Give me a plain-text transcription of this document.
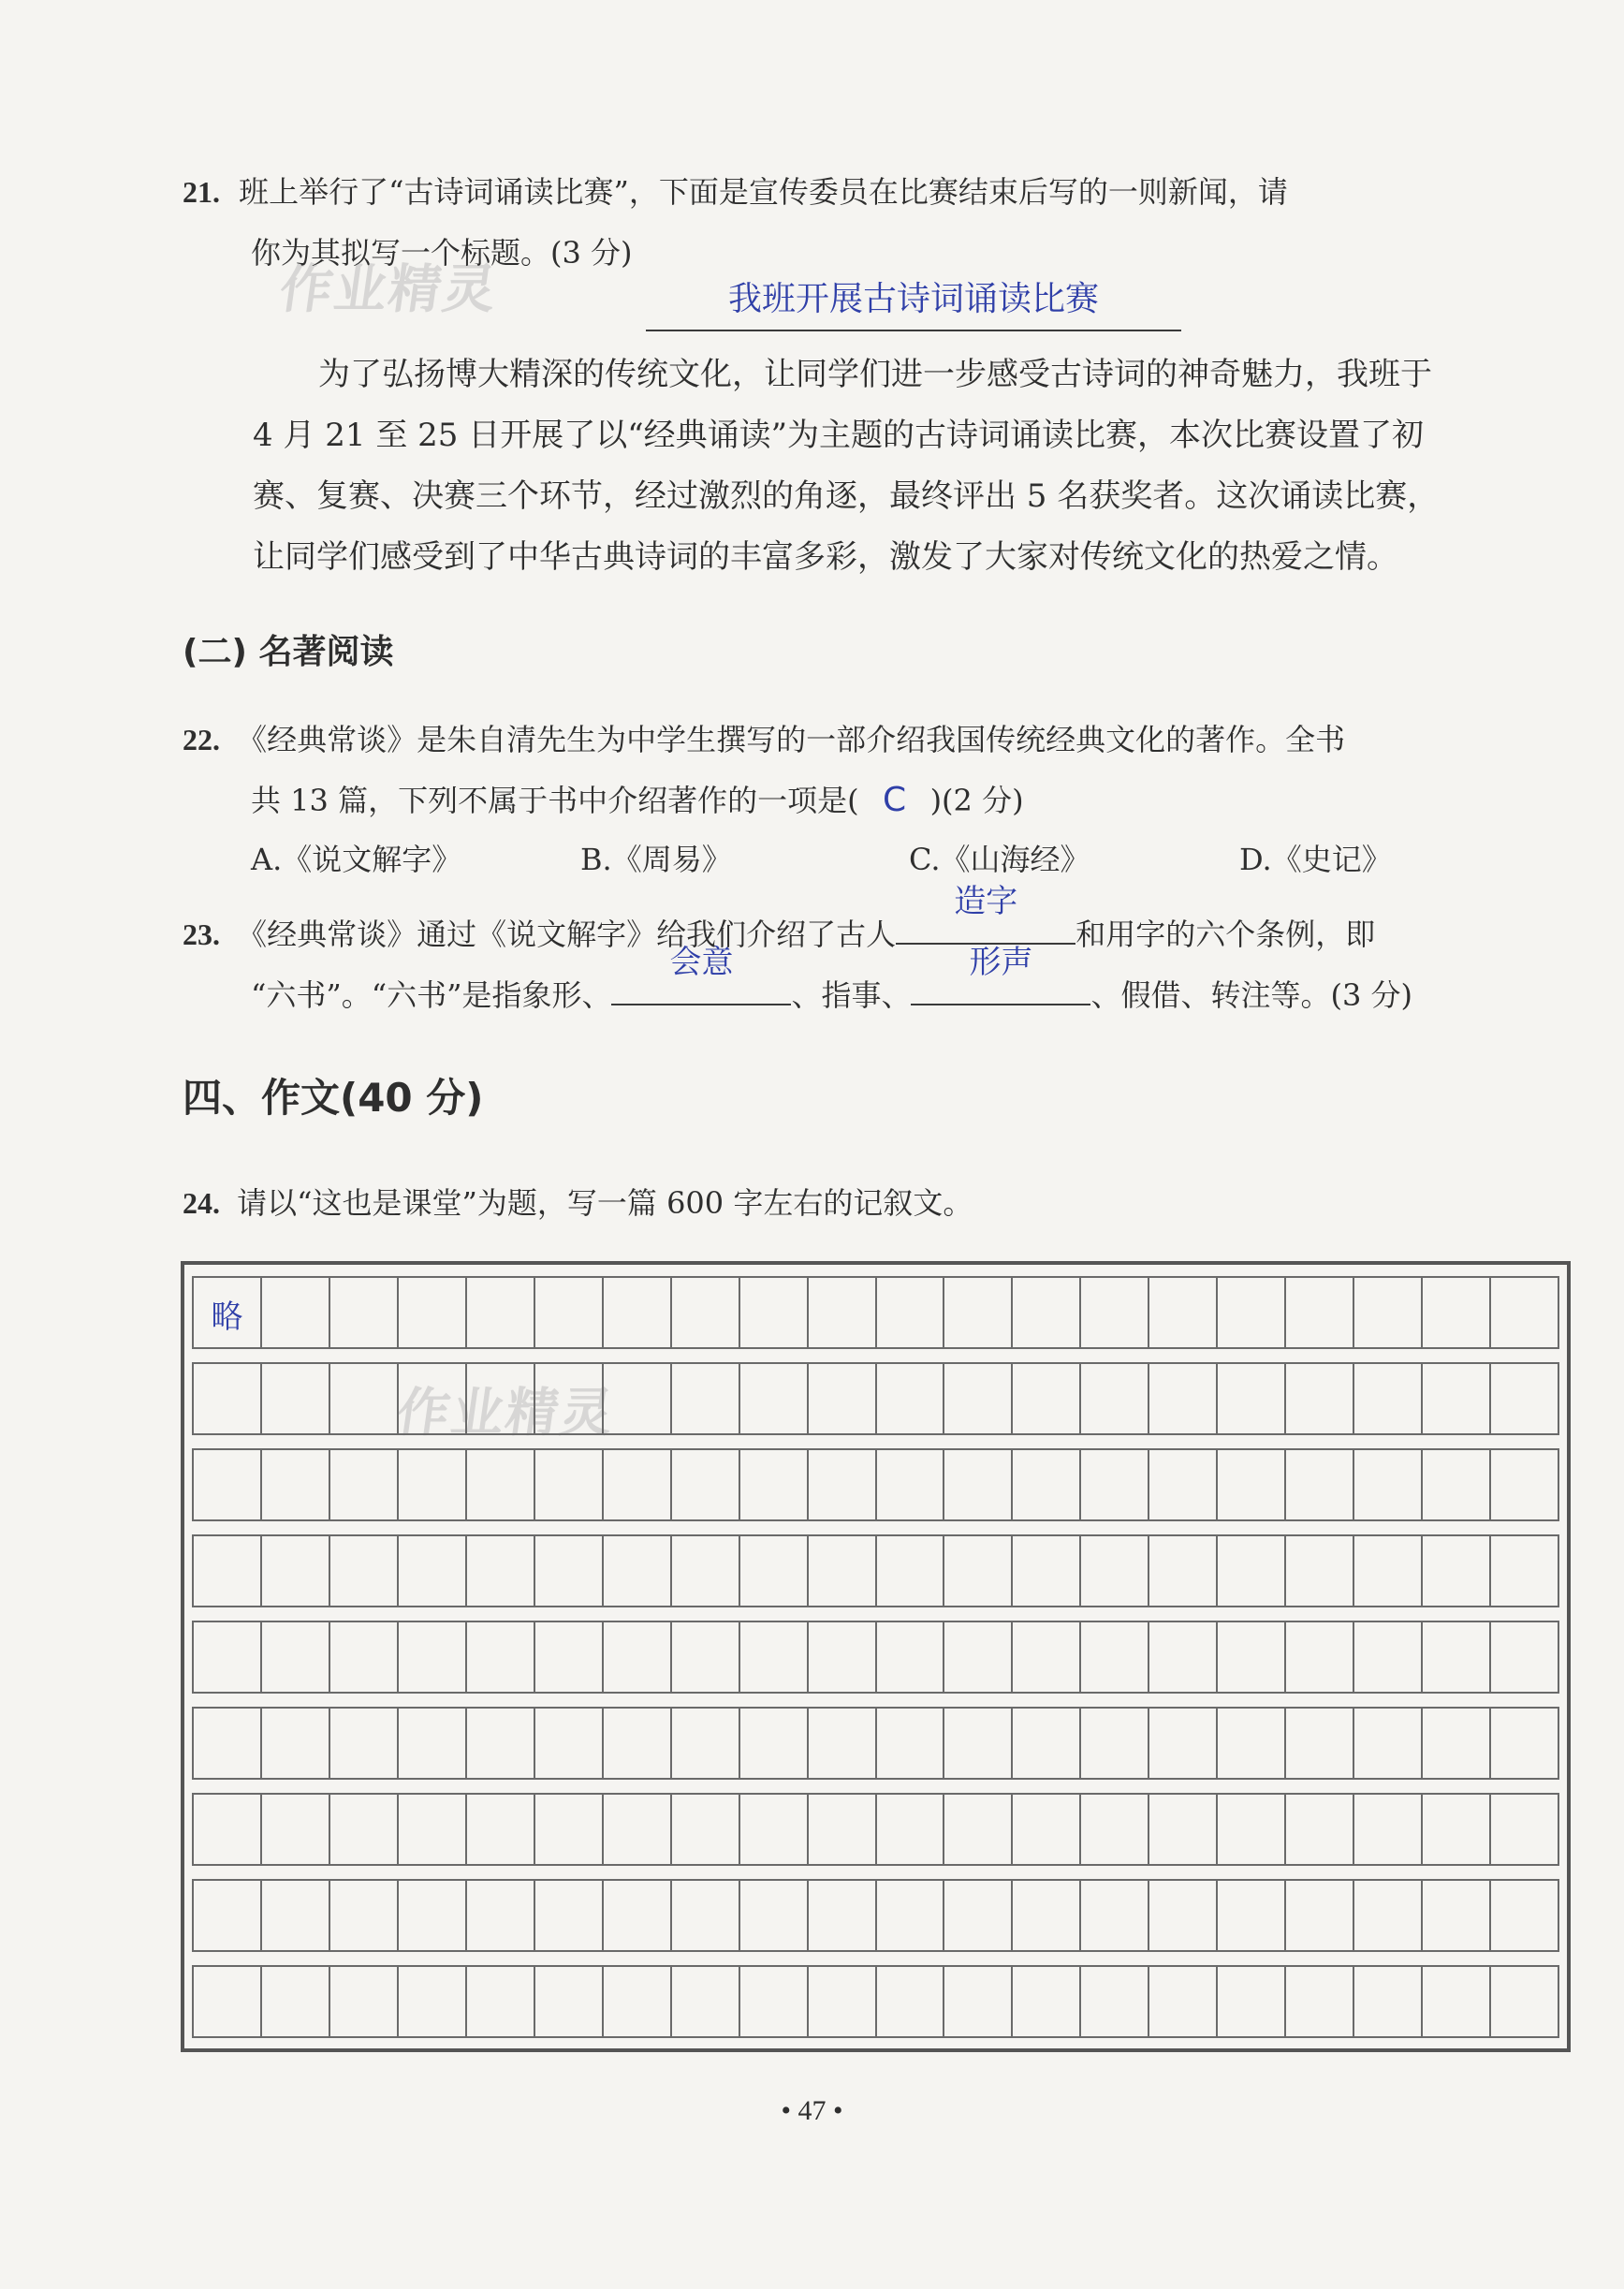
作业精灵
作业精灵
21. 班上举行了“古诗词诵读比赛”，下面是宣传委员在比赛结束后写的一则新闻，请
你为其拟写一个标题。(3 分)
我班开展古诗词诵读比赛
为了弘扬博大精深的传统文化，让同学们进一步感受古诗词的神奇魅力，我班于
4 月 21 至 25 日开展了以“经典诵读”为主题的古诗词诵读比赛，本次比赛设置了初
赛、复赛、决赛三个环节，经过激烈的角逐，最终评出 5 名获奖者。这次诵读比赛，
让同学们感受到了中华古典诗词的丰富多彩，激发了大家对传统文化的热爱之情。
(二) 名著阅读
22. 《经典常谈》是朱自清先生为中学生撰写的一部介绍我国传统经典文化的著作。全书
共 13 篇，下列不属于书中介绍著作的一项是( C )(2 分)
A.《说文解字》	B.《周易》	C.《山海经》	D.《史记》
23. 《经典常谈》通过《说文解字》给我们介绍了古人
造字
和用字的六个条例，即
“六书”。“六书”是指象形、
会意
、指事、
形声
、假借、转注等。(3 分)
四、作文(40 分)
24. 请以“这也是课堂”为题，写一篇 600 字左右的记叙文。
略
• 47 •
